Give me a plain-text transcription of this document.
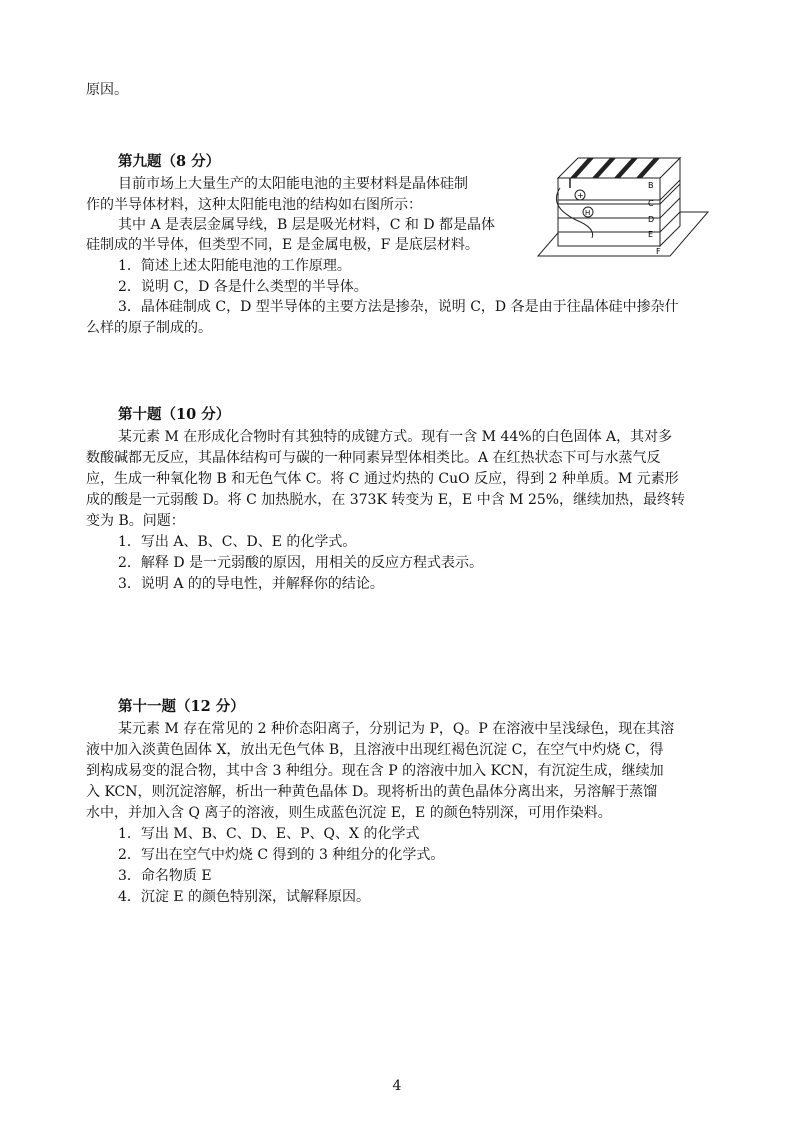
原因。
第九题（8 分）
目前市场上大量生产的太阳能电池的主要材料是晶体硅制
作的半导体材料，这种太阳能电池的结构如右图所示：
其中 A 是表层金属导线，B 层是吸光材料，C 和 D 都是晶体
硅制成的半导体，但类型不同，E 是金属电极，F 是底层材料。
1．简述上述太阳能电池的工作原理。
2．说明 C，D 各是什么类型的半导体。
3．晶体硅制成 C，D 型半导体的主要方法是掺杂，说明 C，D 各是由于往晶体硅中掺杂什
么样的原子制成的。
+
H
B
C
D
E
F
第十题（10 分）
某元素 M 在形成化合物时有其独特的成键方式。现有一含 M 44%的白色固体 A，其对多
数酸碱都无反应，其晶体结构可与碳的一种同素异型体相类比。A 在红热状态下可与水蒸气反
应，生成一种氧化物 B 和无色气体 C。将 C 通过灼热的 CuO 反应，得到 2 种单质。M 元素形
成的酸是一元弱酸 D。将 C 加热脱水，在 373K 转变为 E，E 中含 M 25%，继续加热，最终转
变为 B。问题：
1．写出 A、B、C、D、E 的化学式。
2．解释 D 是一元弱酸的原因，用相关的反应方程式表示。
3．说明 A 的的导电性，并解释你的结论。
第十一题（12 分）
某元素 M 存在常见的 2 种价态阳离子，分别记为 P，Q。P 在溶液中呈浅绿色，现在其溶
液中加入淡黄色固体 X，放出无色气体 B，且溶液中出现红褐色沉淀 C，在空气中灼烧 C，得
到构成易变的混合物，其中含 3 种组分。现在含 P 的溶液中加入 KCN，有沉淀生成，继续加
入 KCN，则沉淀溶解，析出一种黄色晶体 D。现将析出的黄色晶体分离出来，另溶解于蒸馏
水中，并加入含 Q 离子的溶液，则生成蓝色沉淀 E，E 的颜色特别深，可用作染料。
1．写出 M、B、C、D、E、P、Q、X 的化学式
2．写出在空气中灼烧 C 得到的 3 种组分的化学式。
3．命名物质 E
4．沉淀 E 的颜色特别深，试解释原因。
4
